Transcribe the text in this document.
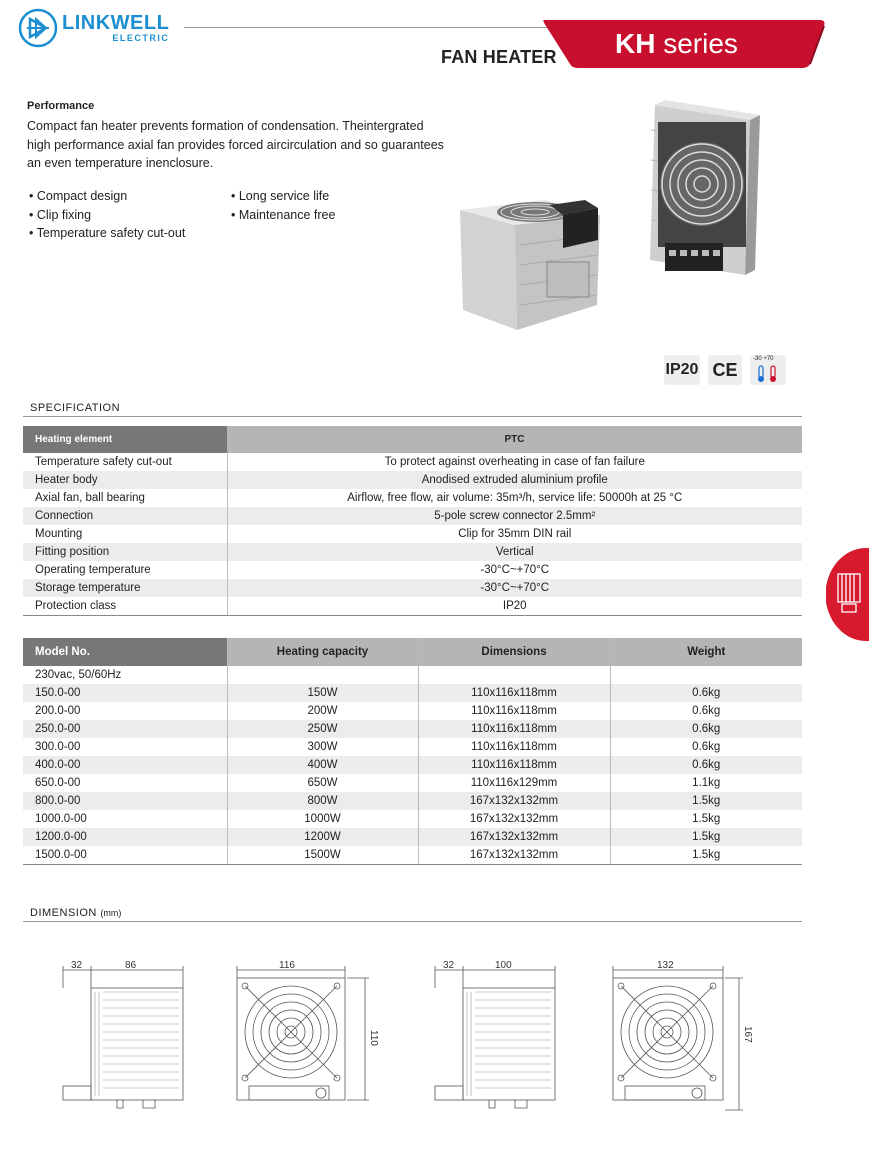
LINKWELL
ELECTRIC
FAN HEATER KH series
Performance
Compact fan heater prevents formation of condensation. Theintergrated high performance axial fan provides forced aircirculation and so guarantees an even temperature inenclosure.
• Compact design
• Clip fixing
• Temperature safety cut-out
• Long service life
• Maintenance free
IP20 CE
-30 +70
SPECIFICATION
Heating element	PTC
Temperature safety cut-out	To protect against overheating in case of fan failure
Heater body	Anodised extruded aluminium profile
Axial fan, ball bearing	Airflow, free flow, air volume: 35m³/h, service life: 50000h at 25 °C
Connection	5-pole screw connector 2.5mm²
Mounting	Clip for 35mm DIN rail
Fitting position	Vertical
Operating temperature	-30°C~+70°C
Storage temperature	-30°C~+70°C
Protection class	IP20
Model No.	Heating capacity	Dimensions	Weight
230vac, 50/60Hz			
150.0-00	150W	110x116x118mm	0.6kg
200.0-00	200W	110x116x118mm	0.6kg
250.0-00	250W	110x116x118mm	0.6kg
300.0-00	300W	110x116x118mm	0.6kg
400.0-00	400W	110x116x118mm	0.6kg
650.0-00	650W	110x116x129mm	1.1kg
800.0-00	800W	167x132x132mm	1.5kg
1000.0-00	1000W	167x132x132mm	1.5kg
1200.0-00	1200W	167x132x132mm	1.5kg
1500.0-00	1500W	167x132x132mm	1.5kg
DIMENSION (mm)
32	86	116
110
32	100	132
167
